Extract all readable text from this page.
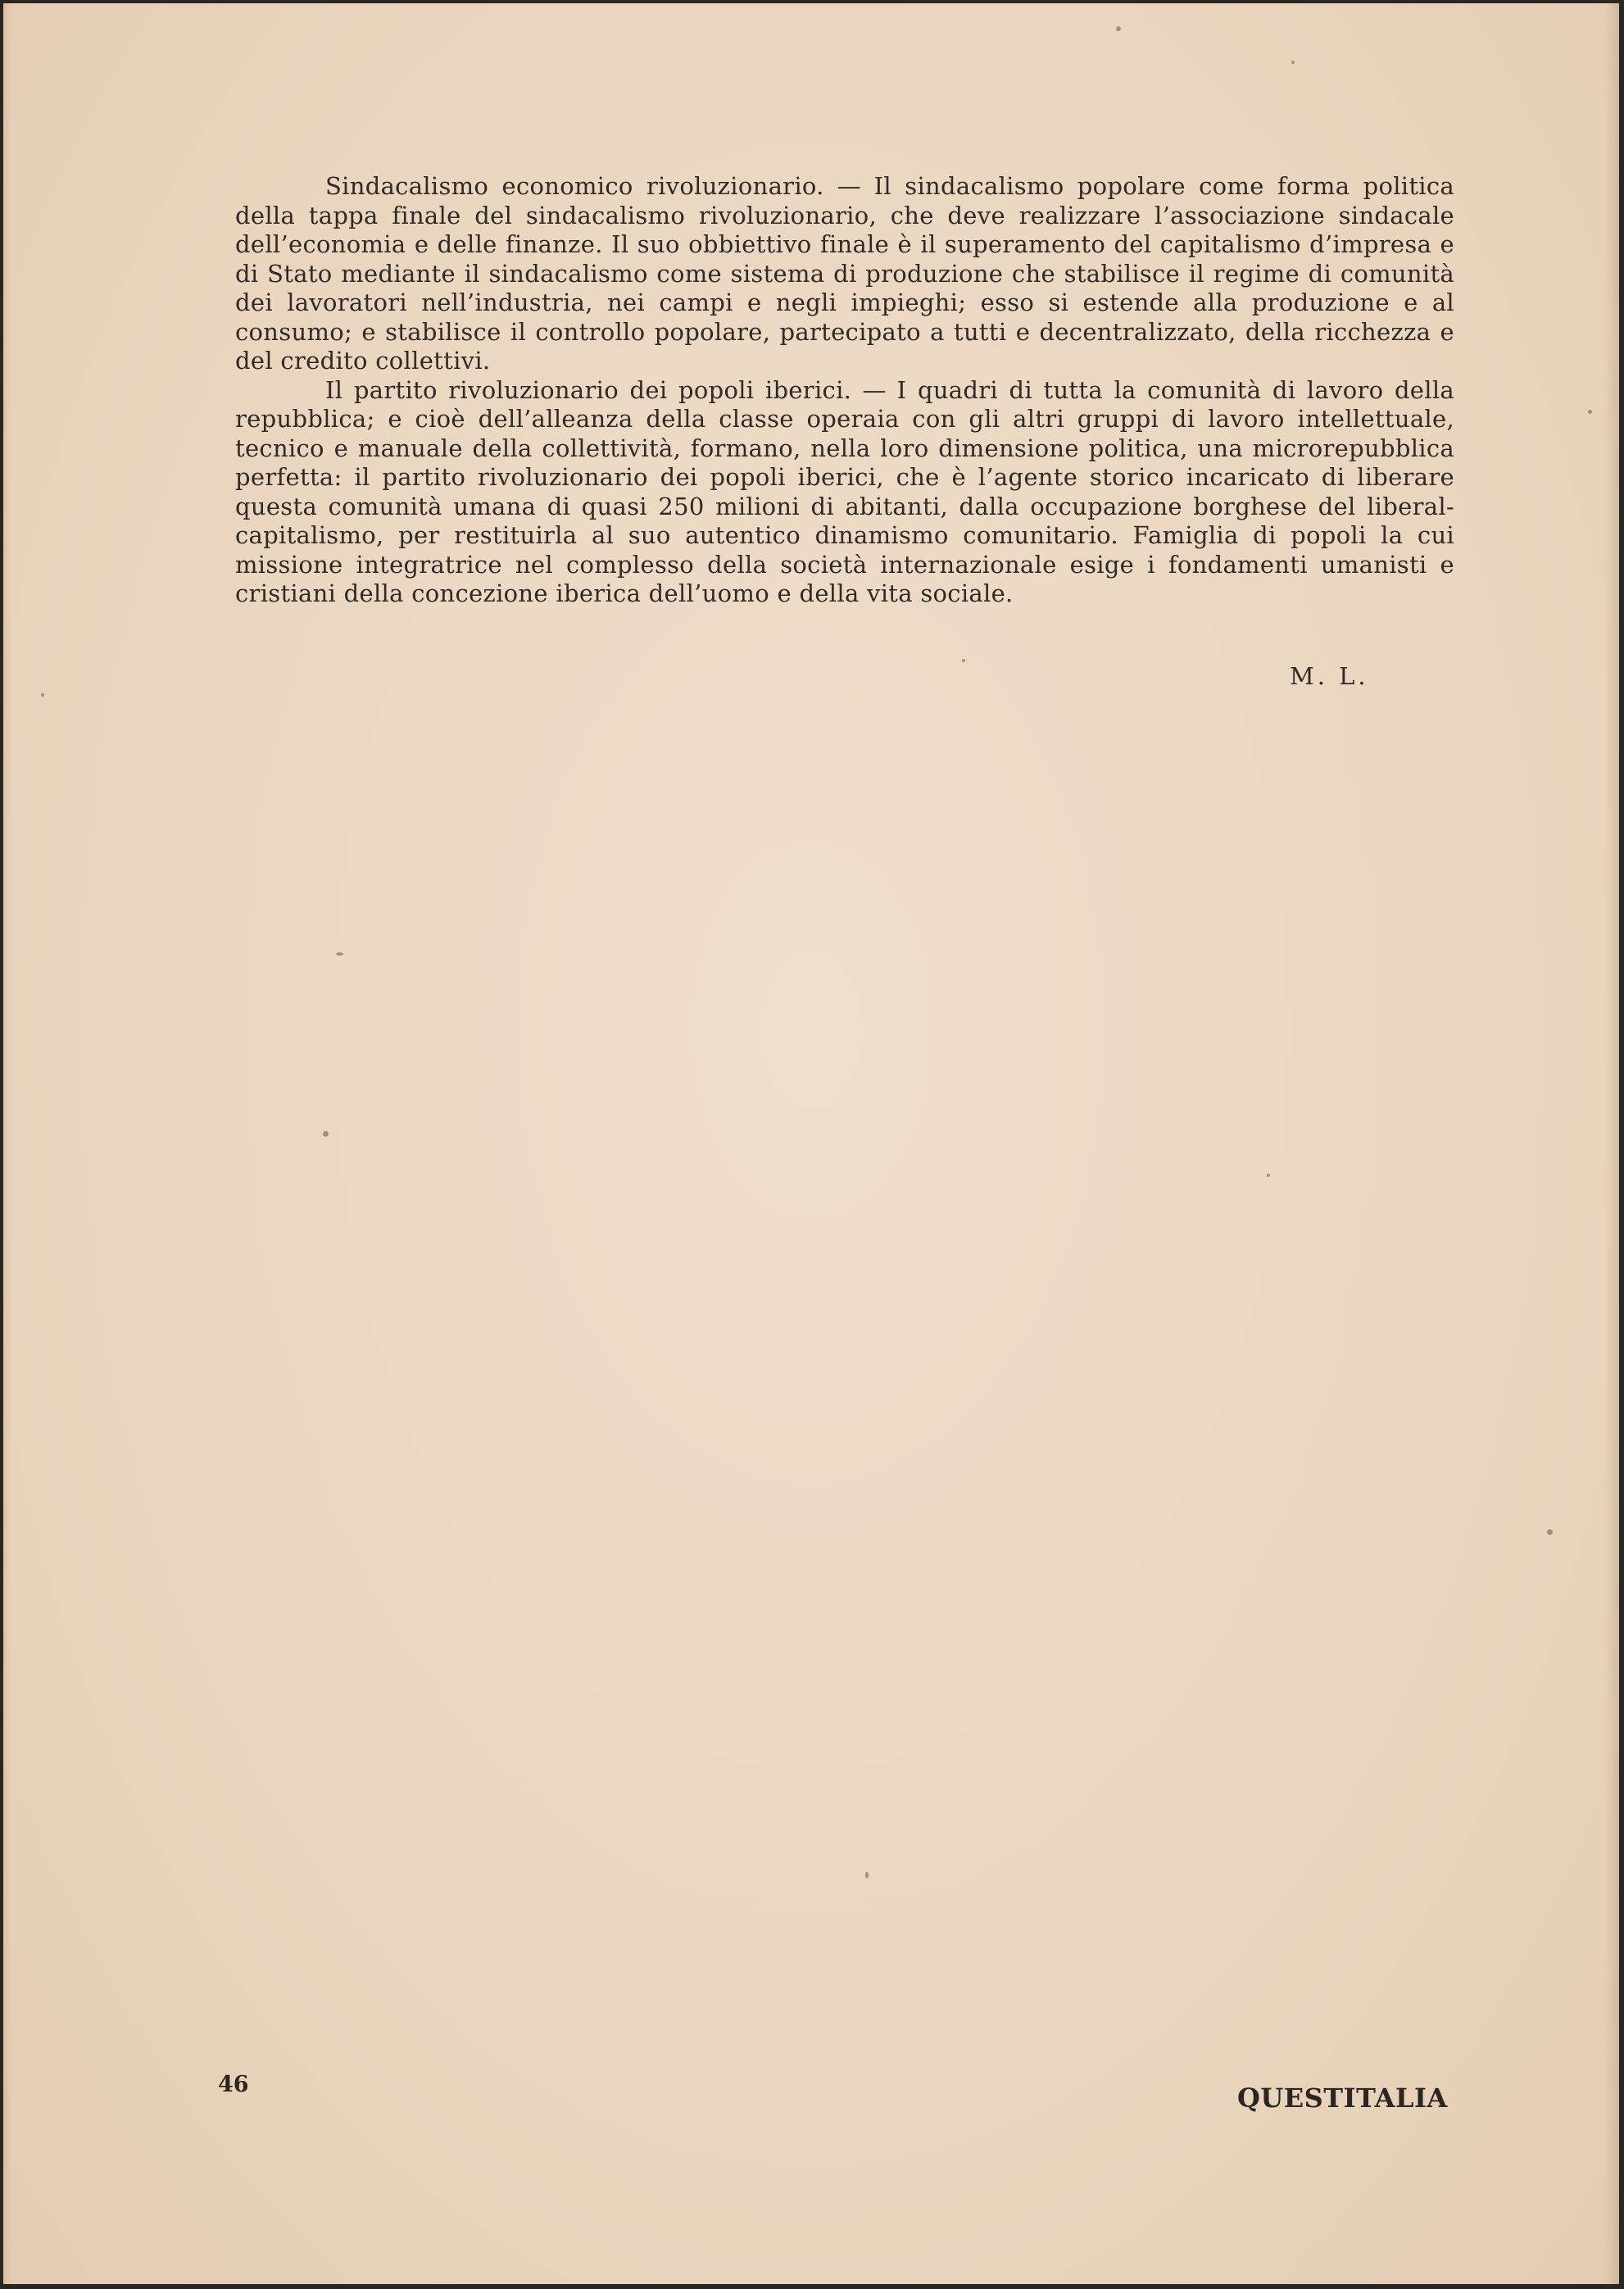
Sindacalismo economico rivoluzionario. — Il sindacalismo popolare come forma politica della tappa finale del sindacalismo rivoluzionario, che deve realizzare l’associazione sindacale dell’economia e delle finanze. Il suo obbiettivo finale è il superamento del capitalismo d’impresa e di Stato mediante il sindacalismo come sistema di produzione che stabilisce il regime di comunità dei lavoratori nell’industria, nei campi e negli impieghi; esso si estende alla produzione e al consumo; e stabilisce il controllo popolare, partecipato a tutti e decentralizzato, della ricchezza e del credito collettivi.

Il partito rivoluzionario dei popoli iberici. — I quadri di tutta la comunità di lavoro della repubblica; e cioè dell’alleanza della classe operaia con gli altri gruppi di lavoro intellettuale, tecnico e manuale della collettività, formano, nella loro dimensione politica, una microrepubblica perfetta: il partito rivoluzionario dei popoli iberici, che è l’agente storico incaricato di liberare questa comunità umana di quasi 250 milioni di abitanti, dalla occupazione borghese del liberal-capitalismo, per restituirla al suo autentico dinamismo comunitario. Famiglia di popoli la cui missione integratrice nel complesso della società internazionale esige i fondamenti umanisti e cristiani della concezione iberica dell’uomo e della vita sociale.

M. L.
46	QUESTITALIA
